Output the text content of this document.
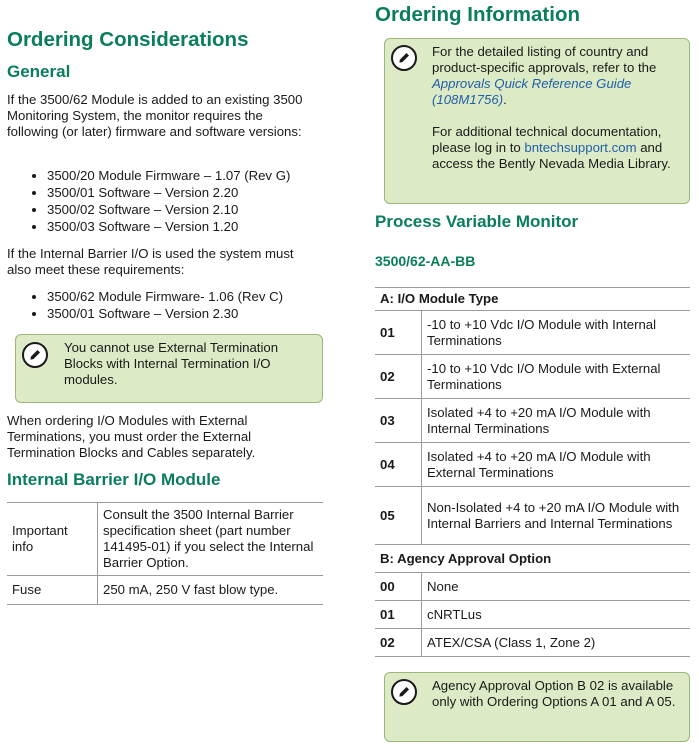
Ordering Considerations
General

If the 3500/62 Module is added to an existing 3500 Monitoring System, the monitor requires the following (or later) firmware and software versions:

• 3500/20 Module Firmware – 1.07 (Rev G)
• 3500/01 Software – Version 2.20
• 3500/02 Software – Version 2.10
• 3500/03 Software – Version 1.20

If the Internal Barrier I/O is used the system must also meet these requirements:

• 3500/62 Module Firmware- 1.06 (Rev C)
• 3500/01 Software – Version 2.30
You cannot use External Termination Blocks with Internal Termination I/O modules.

When ordering I/O Modules with External Terminations, you must order the External Termination Blocks and Cables separately.

Internal Barrier I/O Module
Important info	Consult the 3500 Internal Barrier specification sheet (part number 141495-01) if you select the Internal Barrier Option.
Fuse	250 mA, 250 V fast blow type.
Ordering Information

For the detailed listing of country and product-specific approvals, refer to the Approvals Quick Reference Guide (108M1756).

For additional technical documentation, please log in to bntechsupport.com and access the Bently Nevada Media Library.

Process Variable Monitor
3500/62-AA-BB
A: I/O Module Type	
01	-10 to +10 Vdc I/O Module with Internal Terminations
02	-10 to +10 Vdc I/O Module with External Terminations
03	Isolated +4 to +20 mA I/O Module with Internal Terminations
04	Isolated +4 to +20 mA I/O Module with External Terminations
05	Non-Isolated +4 to +20 mA I/O Module with Internal Barriers and Internal Terminations
B: Agency Approval Option	
00	None
01	cNRTLus
02	ATEX/CSA (Class 1, Zone 2)
Agency Approval Option B 02 is available only with Ordering Options A 01 and A 05.
